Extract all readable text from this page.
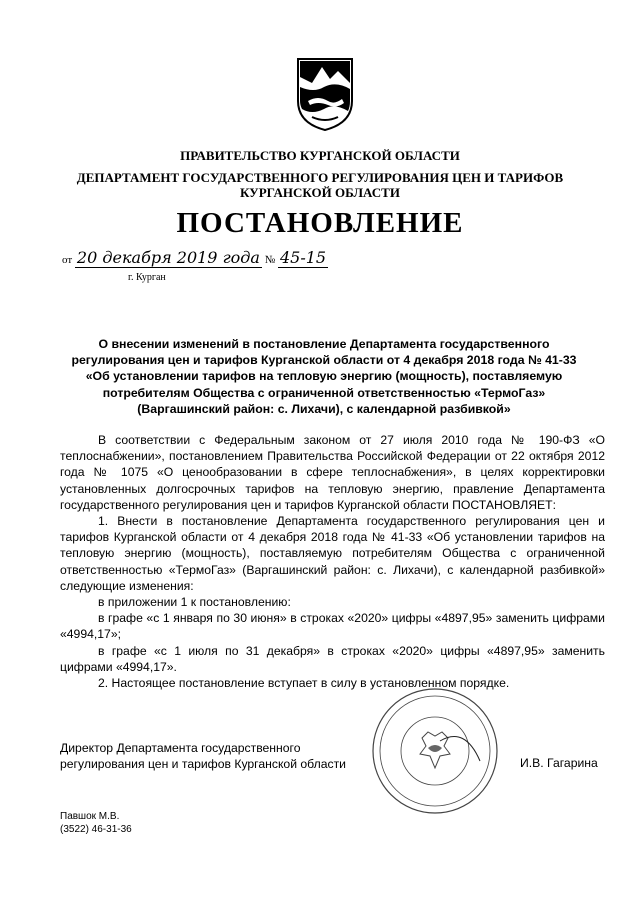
ПРАВИТЕЛЬСТВО КУРГАНСКОЙ ОБЛАСТИ
ДЕПАРТАМЕНТ ГОСУДАРСТВЕННОГО РЕГУЛИРОВАНИЯ ЦЕН И ТАРИФОВ
КУРГАНСКОЙ ОБЛАСТИ
ПОСТАНОВЛЕНИЕ
от 20 декабря 2019 года № 45-15
г. Курган
О внесении изменений в постановление Департамента государственного регулирования цен и тарифов Курганской области от 4 декабря 2018 года № 41-33 «Об установлении тарифов на тепловую энергию (мощность), поставляемую потребителям Общества с ограниченной ответственностью «ТермоГаз» (Варгашинский район: с. Лихачи), с календарной разбивкой»

В соответствии с Федеральным законом от 27 июля 2010 года № 190-ФЗ «О теплоснабжении», постановлением Правительства Российской Федерации от 22 октября 2012 года № 1075 «О ценообразовании в сфере теплоснабжения», в целях корректировки установленных долгосрочных тарифов на тепловую энергию, правление Департамента государственного регулирования цен и тарифов Курганской области ПОСТАНОВЛЯЕТ:

1. Внести в постановление Департамента государственного регулирования цен и тарифов Курганской области от 4 декабря 2018 года № 41-33 «Об установлении тарифов на тепловую энергию (мощность), поставляемую потребителям Общества с ограниченной ответственностью «ТермоГаз» (Варгашинский район: с. Лихачи), с календарной разбивкой» следующие изменения:

в приложении 1 к постановлению:

в графе «с 1 января по 30 июня» в строках «2020» цифры «4897,95» заменить цифрами «4994,17»;

в графе «с 1 июля по 31 декабря» в строках «2020» цифры «4897,95» заменить цифрами «4994,17».

2. Настоящее постановление вступает в силу в установленном порядке.

Директор Департамента государственного
регулирования цен и тарифов Курганской области	И.В. Гагарина
Павшок М.В.
(3522) 46-31-36
